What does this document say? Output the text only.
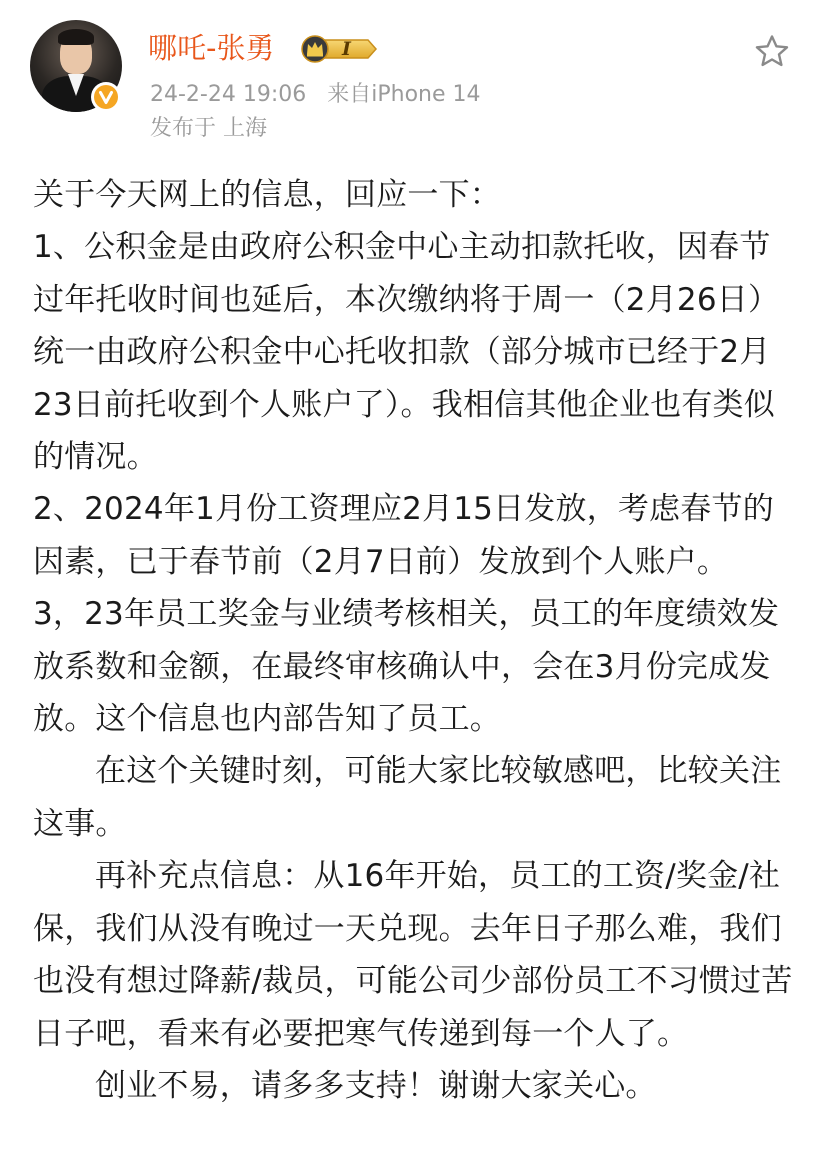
哪吒-张勇	I
24-2-24 19:06 来自iPhone 14
发布于 上海

关于今天网上的信息，回应一下：

1、公积金是由政府公积金中心主动扣款托收，因春节过年托收时间也延后，本次缴纳将于周一（2月26日）统一由政府公积金中心托收扣款（部分城市已经于2月23日前托收到个人账户了）。我相信其他企业也有类似的情况。

2、2024年1月份工资理应2月15日发放，考虑春节的因素，已于春节前（2月7日前）发放到个人账户。

3，23年员工奖金与业绩考核相关，员工的年度绩效发放系数和金额，在最终审核确认中，会在3月份完成发放。这个信息也内部告知了员工。

在这个关键时刻，可能大家比较敏感吧，比较关注这事。

再补充点信息：从16年开始，员工的工资/奖金/社保，我们从没有晚过一天兑现。去年日子那么难，我们也没有想过降薪/裁员，可能公司少部份员工不习惯过苦日子吧，看来有必要把寒气传递到每一个人了。

创业不易，请多多支持！谢谢大家关心。
